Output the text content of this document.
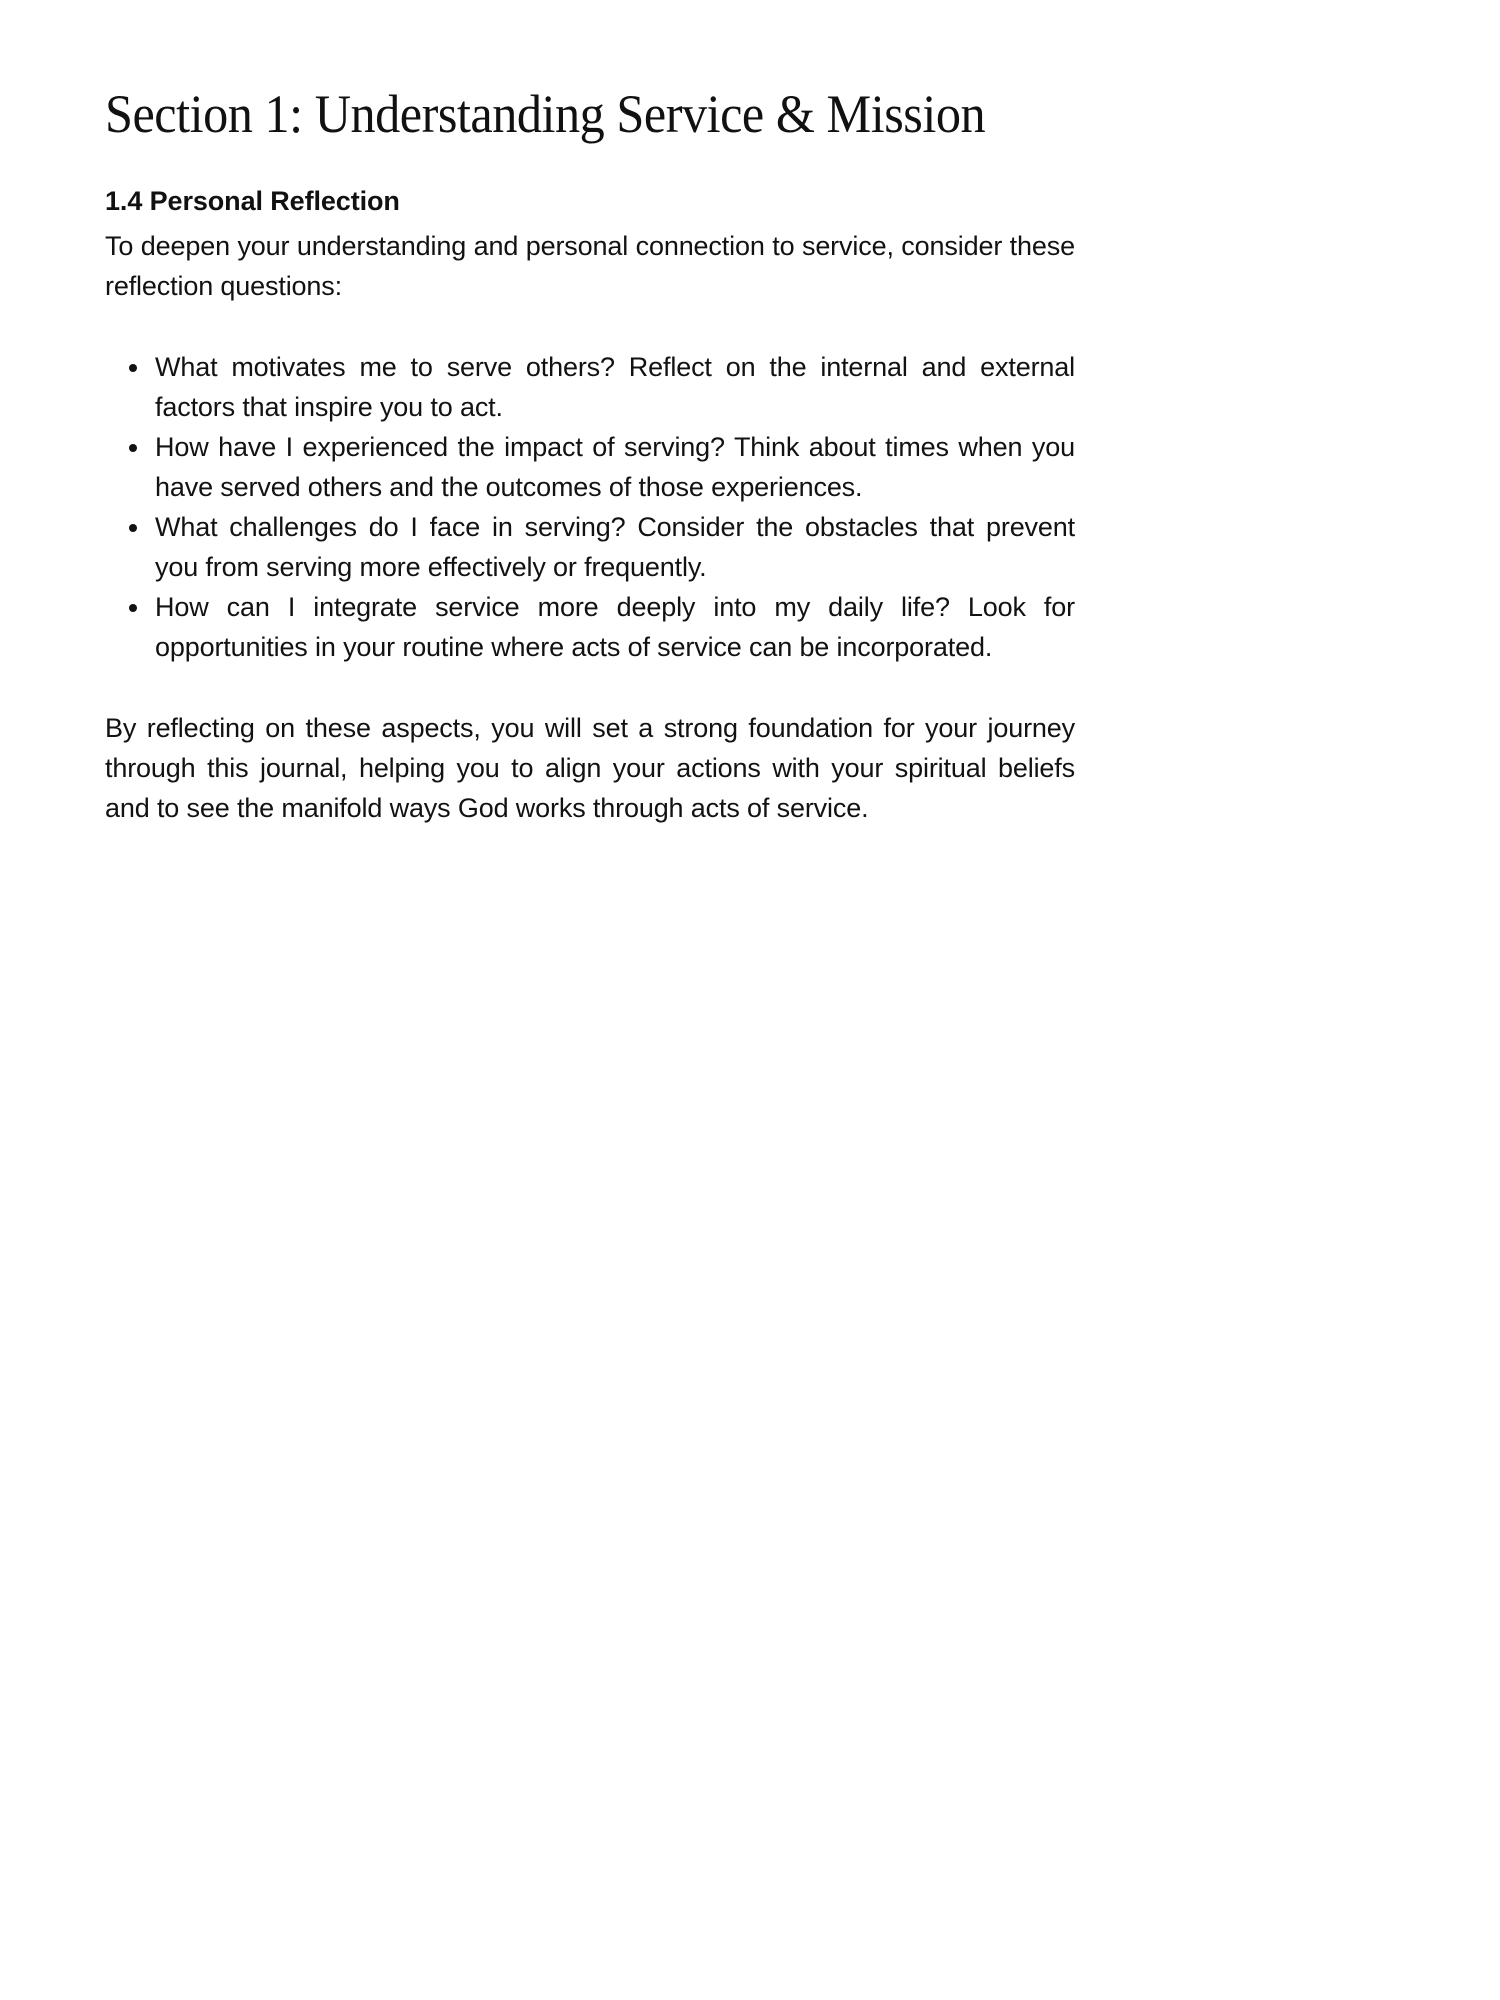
Section 1: Understanding Service & Mission
1.4 Personal Reflection

To deepen your understanding and personal connection to service, consider these reflection questions:

What motivates me to serve others? Reflect on the internal and external factors that inspire you to act.
How have I experienced the impact of serving? Think about times when you have served others and the outcomes of those experiences.
What challenges do I face in serving? Consider the obstacles that prevent you from serving more effectively or frequently.
How can I integrate service more deeply into my daily life? Look for opportunities in your routine where acts of service can be incorporated.

By reflecting on these aspects, you will set a strong foundation for your journey through this journal, helping you to align your actions with your spiritual beliefs and to see the manifold ways God works through acts of service.
